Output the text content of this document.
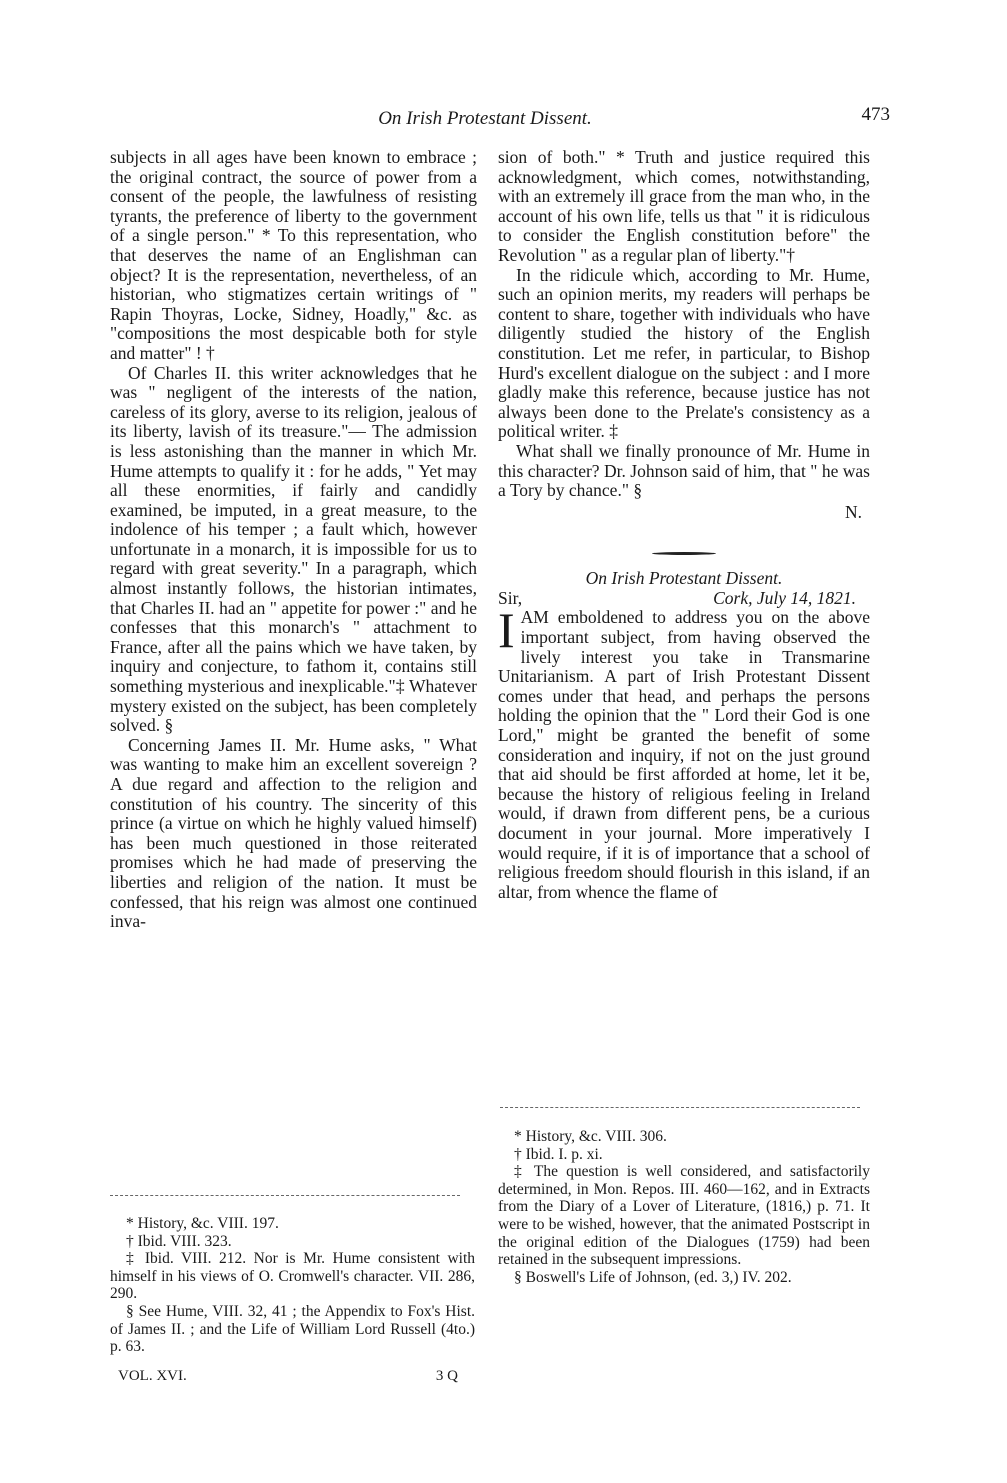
On Irish Protestant Dissent.	473

subjects in all ages have been known to embrace ; the original contract, the source of power from a consent of the people, the lawfulness of resisting tyrants, the preference of liberty to the government of a single person." * To this representation, who that deserves the name of an Englishman can object? It is the representation, nevertheless, of an historian, who stigmatizes certain writings of " Rapin Thoyras, Locke, Sidney, Hoadly," &c. as "compositions the most despicable both for style and matter" ! †

Of Charles II. this writer acknowledges that he was " negligent of the interests of the nation, careless of its glory, averse to its religion, jealous of its liberty, lavish of its treasure."— The admission is less astonishing than the manner in which Mr. Hume attempts to qualify it : for he adds, " Yet may all these enormities, if fairly and candidly examined, be imputed, in a great measure, to the indolence of his temper ; a fault which, however unfortunate in a monarch, it is impossible for us to regard with great severity." In a paragraph, which almost instantly follows, the historian intimates, that Charles II. had an " appetite for power :" and he confesses that this monarch's " attachment to France, after all the pains which we have taken, by inquiry and conjecture, to fathom it, contains still something mysterious and inexplicable."‡ Whatever mystery existed on the subject, has been completely solved. §

Concerning James II. Mr. Hume asks, " What was wanting to make him an excellent sovereign ? A due regard and affection to the religion and constitution of his country. The sincerity of this prince (a virtue on which he highly valued himself) has been much questioned in those reiterated promises which he had made of preserving the liberties and religion of the nation. It must be confessed, that his reign was almost one continued inva-

* History, &c. VIII. 197.

† Ibid. VIII. 323.

‡ Ibid. VIII. 212. Nor is Mr. Hume consistent with himself in his views of O. Cromwell's character. VII. 286, 290.

§ See Hume, VIII. 32, 41 ; the Appendix to Fox's Hist. of James II. ; and the Life of William Lord Russell (4to.) p. 63.

VOL. XVI.	3 Q

sion of both." * Truth and justice required this acknowledgment, which comes, notwithstanding, with an extremely ill grace from the man who, in the account of his own life, tells us that " it is ridiculous to consider the English constitution before" the Revolution " as a regular plan of liberty."†

In the ridicule which, according to Mr. Hume, such an opinion merits, my readers will perhaps be content to share, together with individuals who have diligently studied the history of the English constitution. Let me refer, in particular, to Bishop Hurd's excellent dialogue on the subject : and I more gladly make this reference, because justice has not always been done to the Prelate's consistency as a political writer. ‡

What shall we finally pronounce of Mr. Hume in this character? Dr. Johnson said of him, that " he was a Tory by chance." §

N.

On Irish Protestant Dissent.

Sir,	Cork, July 14, 1821.

IAM emboldened to address you on the above important subject, from having observed the lively interest you take in Transmarine Unitarianism. A part of Irish Protestant Dissent comes under that head, and perhaps the persons holding the opinion that the " Lord their God is one Lord," might be granted the benefit of some consideration and inquiry, if not on the just ground that aid should be first afforded at home, let it be, because the history of religious feeling in Ireland would, if drawn from different pens, be a curious document in your journal. More imperatively I would require, if it is of importance that a school of religious freedom should flourish in this island, if an altar, from whence the flame of

* History, &c. VIII. 306.

† Ibid. I. p. xi.

‡ The question is well considered, and satisfactorily determined, in Mon. Repos. III. 460—162, and in Extracts from the Diary of a Lover of Literature, (1816,) p. 71. It were to be wished, however, that the animated Postscript in the original edition of the Dialogues (1759) had been retained in the subsequent impressions.

§ Boswell's Life of Johnson, (ed. 3,) IV. 202.
